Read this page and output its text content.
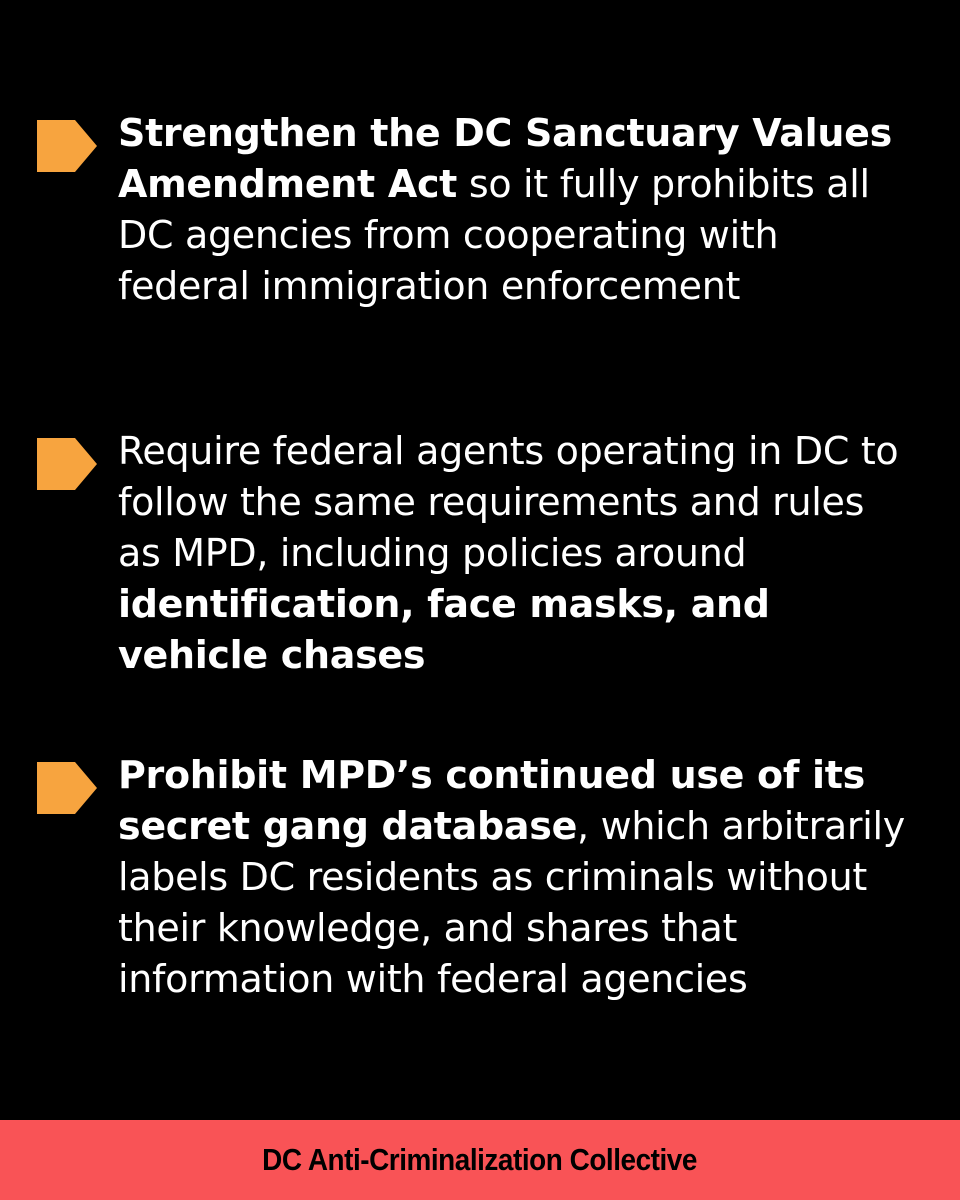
Strengthen the DC Sanctuary Values Amendment Act so it fully prohibits all DC agencies from cooperating with federal immigration enforcement

Require federal agents operating in DC to follow the same requirements and rules as MPD, including policies around identification, face masks, and vehicle chases

Prohibit MPD’s continued use of its secret gang database, which arbitrarily labels DC residents as criminals without their knowledge, and shares that information with federal agencies

DC Anti-Criminalization Collective
